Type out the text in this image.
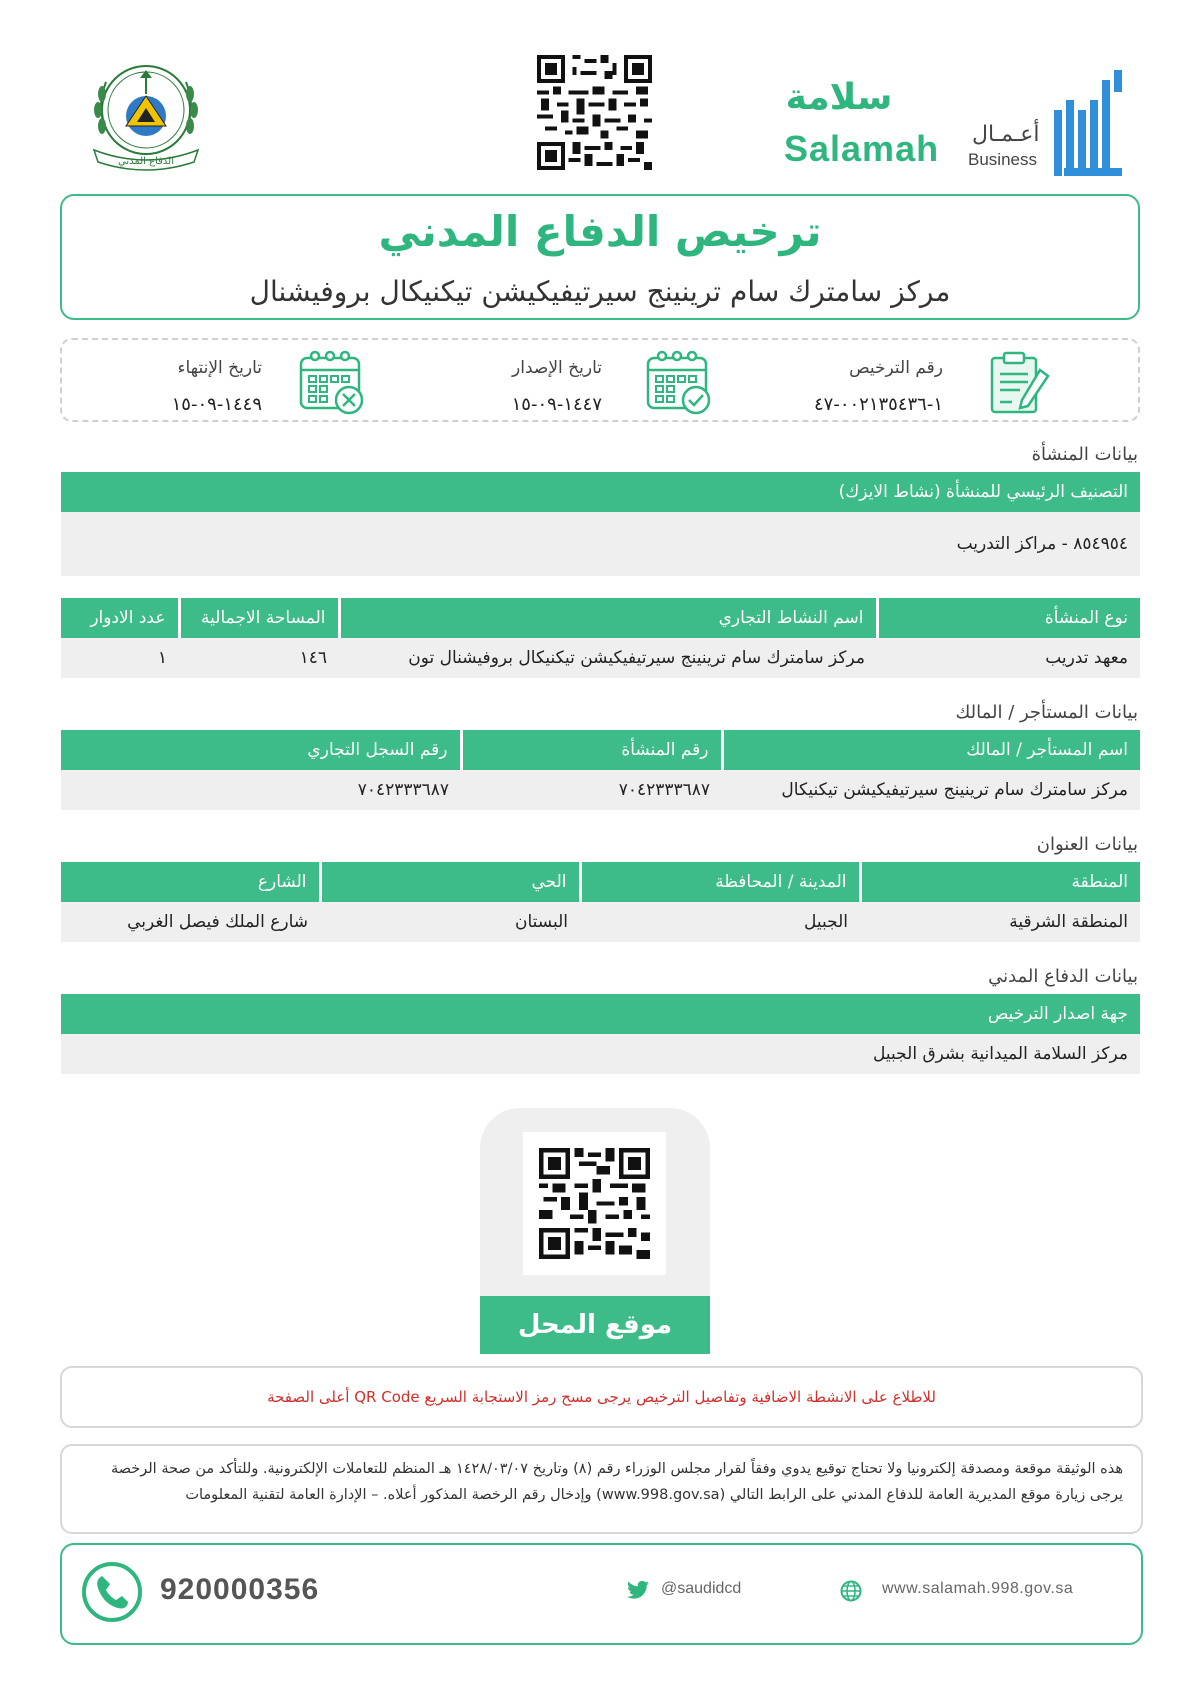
الدفاع المدني
سلامة
Salamah أعـمـال
Business
ترخيص الدفاع المدني
مركز سامترك سام ترينينج سيرتيفيكيشن تيكنيكال بروفيشنال
رقم الترخيص
١-٠٠٢١٣٥٤٣٦-٤٧
تاريخ الإصدار
١٤٤٧-٠٩-١٥
تاريخ الإنتهاء
١٤٤٩-٠٩-١٥
بيانات المنشأة
التصنيف الرئيسي للمنشأة (نشاط الايزك)
٨٥٤٩٥٤ - مراكز التدريب
نوع المنشأة	اسم النشاط التجاري	المساحة الاجمالية	عدد الادوار
معهد تدريب	مركز سامترك سام ترينينج سيرتيفيكيشن تيكنيكال بروفيشنال تون	١٤٦	١
بيانات المستأجر / المالك
اسم المستأجر / المالك	رقم المنشأة	رقم السجل التجاري
مركز سامترك سام ترينينج سيرتيفيكيشن تيكنيكال	٧٠٤٢٣٣٣٦٨٧	٧٠٤٢٣٣٣٦٨٧
بيانات العنوان
المنطقة	المدينة / المحافظة	الحي	الشارع
المنطقة الشرقية	الجبيل	البستان	شارع الملك فيصل الغربي
بيانات الدفاع المدني
جهة اصدار الترخيص
مركز السلامة الميدانية بشرق الجبيل
موقع المحل
للاطلاع على الانشطة الاضافية وتفاصيل الترخيص يرجى مسح رمز الاستجابة السريع QR Code أعلى الصفحة
هذه الوثيقة موقعة ومصدقة إلكترونيا ولا تحتاج توقيع يدوي وفقاً لقرار مجلس الوزراء رقم (٨) وتاريخ ١٤٢٨/٠٣/٠٧ هـ المنظم للتعاملات الإلكترونية. وللتأكد من صحة الرخصة يرجى زيارة موقع المديرية العامة للدفاع المدني على الرابط التالي (www.998.gov.sa) وإدخال رقم الرخصة المذكور أعلاه. – الإدارة العامة لتقنية المعلومات
920000356	@saudidcd	www.salamah.998.gov.sa
